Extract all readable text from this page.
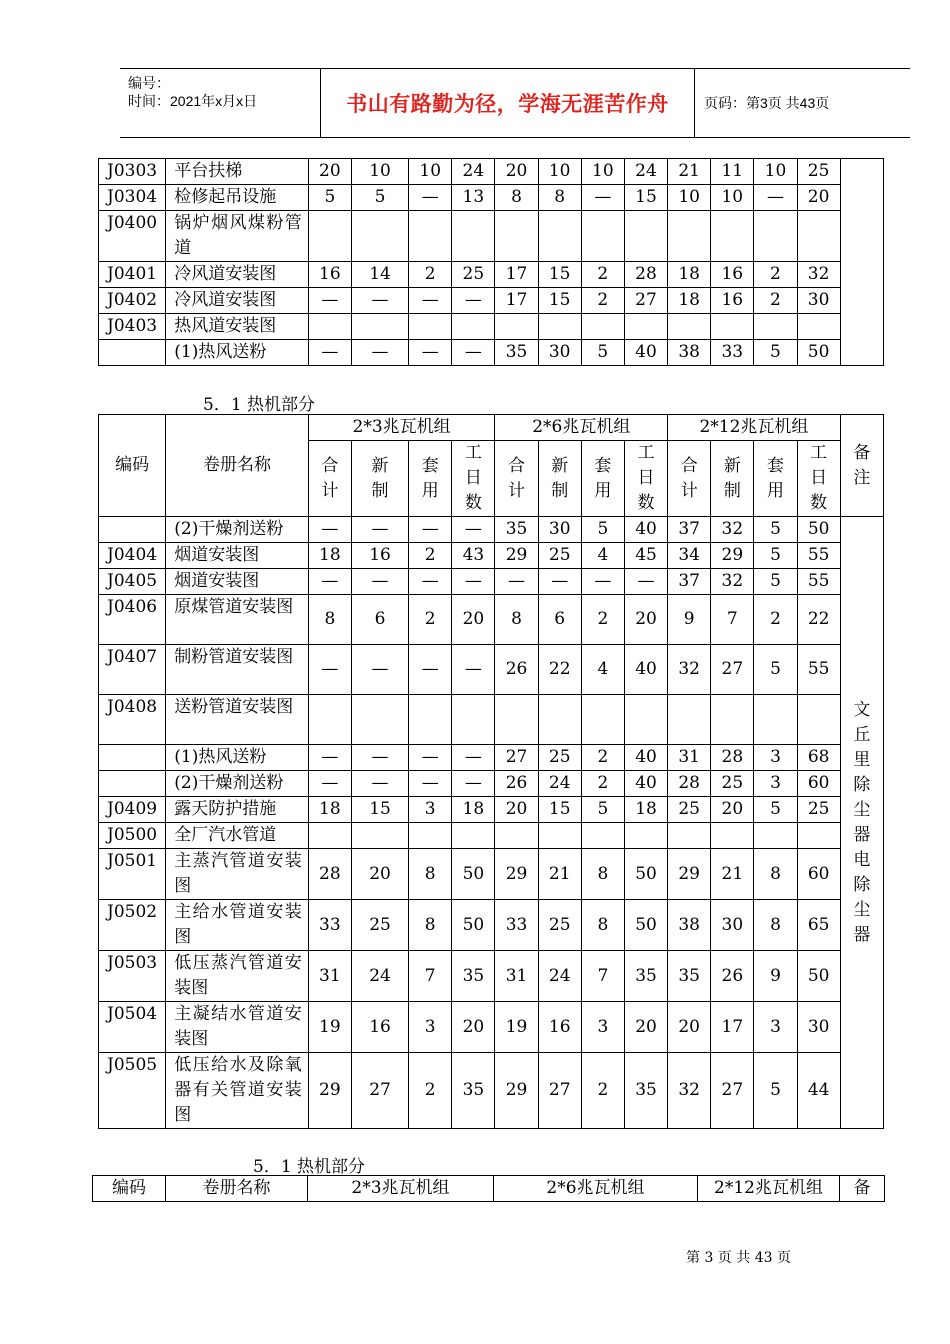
编号：
时间：2021年x月x日	书山有路勤为径，学海无涯苦作舟	页码：第3页 共43页
J0303	平台扶梯	20	10	10	24	20	10	10	24	21	11	10	25	
J0304	检修起吊设施	5	5	—	13	8	8	—	15	10	10	—	20	
J0400	锅炉烟风煤粉管道													
J0401	冷风道安装图	16	14	2	25	17	15	2	28	18	16	2	32	
J0402	冷风道安装图	—	—	—	—	17	15	2	27	18	16	2	30	
J0403	热风道安装图													
	(1)热风送粉	—	—	—	—	35	30	5	40	38	33	5	50	
5．1 热机部分
编码	卷册名称	2*3兆瓦机组				2*6兆瓦机组				2*12兆瓦机组				备注
		合计	新制	套用	工日数	合计	新制	套用	工日数	合计	新制	套用	工日数	
	(2)干燥剂送粉	—	—	—	—	35	30	5	40	37	32	5	50	文丘里除尘器电除尘器
J0404	烟道安装图	18	16	2	43	29	25	4	45	34	29	5	55	
J0405	烟道安装图	—	—	—	—	—	—	—	—	37	32	5	55	
J0406	原煤管道安装图	8	6	2	20	8	6	2	20	9	7	2	22	
J0407	制粉管道安装图	—	—	—	—	26	22	4	40	32	27	5	55	
J0408	送粉管道安装图													
	(1)热风送粉	—	—	—	—	27	25	2	40	31	28	3	68	
	(2)干燥剂送粉	—	—	—	—	26	24	2	40	28	25	3	60	
J0409	露天防护措施	18	15	3	18	20	15	5	18	25	20	5	25	
J0500	全厂汽水管道													
J0501	主蒸汽管道安装图	28	20	8	50	29	21	8	50	29	21	8	60	
J0502	主给水管道安装图	33	25	8	50	33	25	8	50	38	30	8	65	
J0503	低压蒸汽管道安装图	31	24	7	35	31	24	7	35	35	26	9	50	
J0504	主凝结水管道安装图	19	16	3	20	19	16	3	20	20	17	3	30	
J0505	低压给水及除氧器有关管道安装图	29	27	2	35	29	27	2	35	32	27	5	44	
5．1 热机部分
编码	卷册名称	2*3兆瓦机组	2*6兆瓦机组	2*12兆瓦机组	备
第 3 页 共 43 页
